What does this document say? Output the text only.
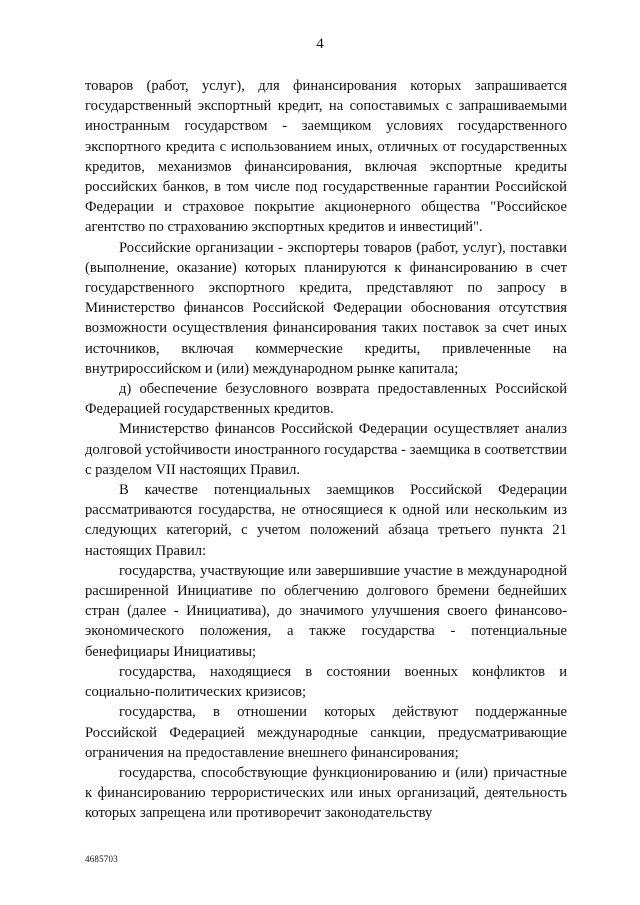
4

товаров (работ, услуг), для финансирования которых запрашивается государственный экспортный кредит, на сопоставимых с запрашиваемыми иностранным государством - заемщиком условиях государственного экспортного кредита с использованием иных, отличных от государственных кредитов, механизмов финансирования, включая экспортные кредиты российских банков, в том числе под государственные гарантии Российской Федерации и страховое покрытие акционерного общества "Российское агентство по страхованию экспортных кредитов и инвестиций".

Российские организации - экспортеры товаров (работ, услуг), поставки (выполнение, оказание) которых планируются к финансированию в счет государственного экспортного кредита, представляют по запросу в Министерство финансов Российской Федерации обоснования отсутствия возможности осуществления финансирования таких поставок за счет иных источников, включая коммерческие кредиты, привлеченные на внутрироссийском и (или) международном рынке капитала;

д) обеспечение безусловного возврата предоставленных Российской Федерацией государственных кредитов.

Министерство финансов Российской Федерации осуществляет анализ долговой устойчивости иностранного государства - заемщика в соответствии с разделом VII настоящих Правил.

В качестве потенциальных заемщиков Российской Федерации рассматриваются государства, не относящиеся к одной или нескольким из следующих категорий, с учетом положений абзаца третьего пункта 21 настоящих Правил:

государства, участвующие или завершившие участие в международной расширенной Инициативе по облегчению долгового бремени беднейших стран (далее - Инициатива), до значимого улучшения своего финансово-экономического положения, а также государства - потенциальные бенефициары Инициативы;

государства, находящиеся в состоянии военных конфликтов и социально-политических кризисов;

государства, в отношении которых действуют поддержанные Российской Федерацией международные санкции, предусматривающие ограничения на предоставление внешнего финансирования;

государства, способствующие функционированию и (или) причастные к финансированию террористических или иных организаций, деятельность которых запрещена или противоречит законодательству

4685703
